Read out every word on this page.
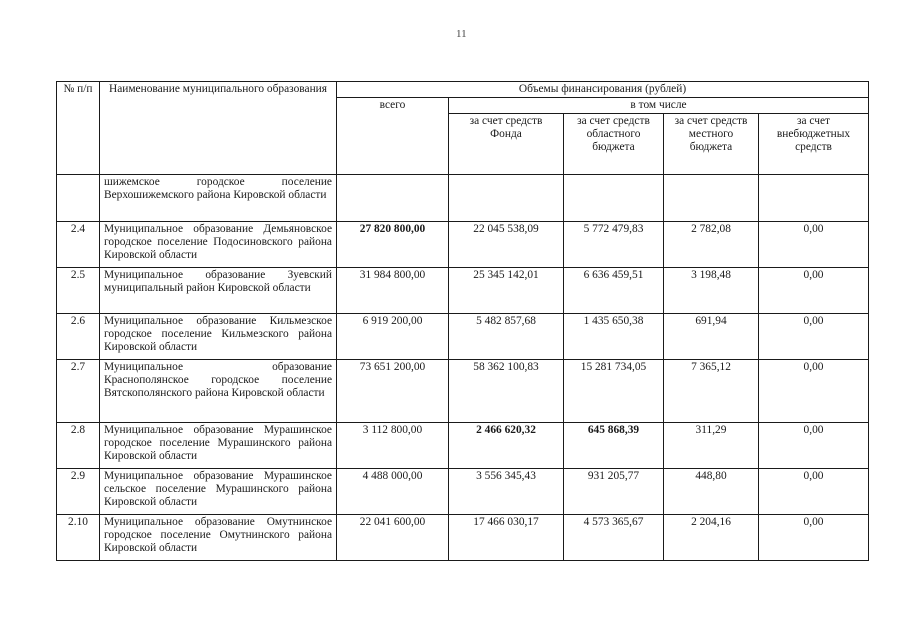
11
№ п/п	Наименование муниципального образования	Объемы финансирования (рублей)				
		всего	в том числе			
			за счет средств Фонда	за счет средств областного бюджета	за счет средств местного бюджета	за счет внебюджетных средств
	шижемское городское поселение Верхошижемского района Кировской области					
2.4	Муниципальное образование Демьяновское городское поселение Подосиновского района Кировской области	27 820 800,00	22 045 538,09	5 772 479,83	2 782,08	0,00
2.5	Муниципальное образование Зуевский муниципальный район Кировской области	31 984 800,00	25 345 142,01	6 636 459,51	3 198,48	0,00
2.6	Муниципальное образование Кильмезское городское поселение Кильмезского района Кировской области	6 919 200,00	5 482 857,68	1 435 650,38	691,94	0,00
2.7	Муниципальное образование Краснополянское городское поселение Вятскополянского района Кировской области	73 651 200,00	58 362 100,83	15 281 734,05	7 365,12	0,00
2.8	Муниципальное образование Мурашинское городское поселение Мурашинского района Кировской области	3 112 800,00	2 466 620,32	645 868,39	311,29	0,00
2.9	Муниципальное образование Мурашинское сельское поселение Мурашинского района Кировской области	4 488 000,00	3 556 345,43	931 205,77	448,80	0,00
2.10	Муниципальное образование Омутнинское городское поселение Омутнинского района Кировской области	22 041 600,00	17 466 030,17	4 573 365,67	2 204,16	0,00
